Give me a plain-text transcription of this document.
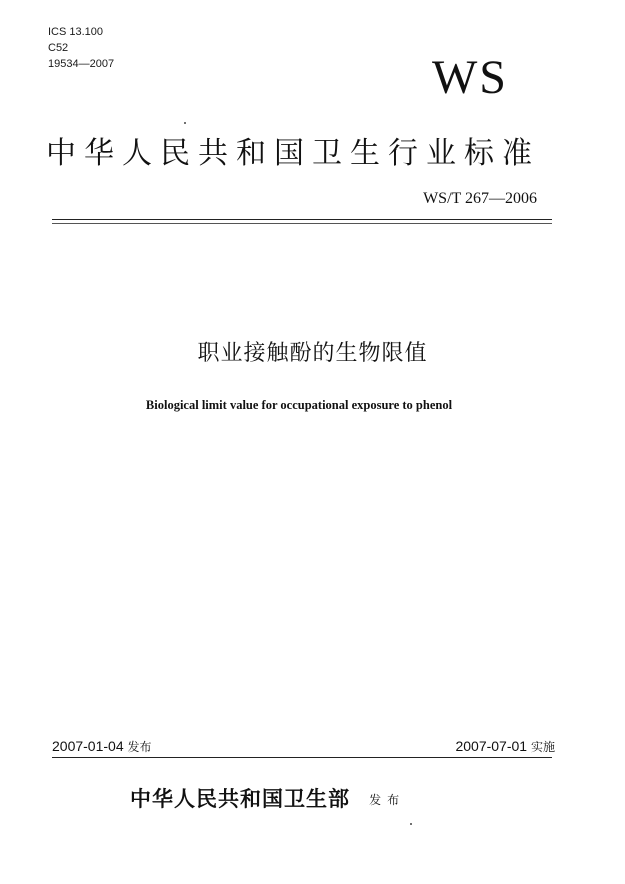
ICS 13.100
C52
19534—2007	WS
中华人民共和国卫生行业标准
WS/T 267—2006
职业接触酚的生物限值
Biological limit value for occupational exposure to phenol
2007-01-04 发布	2007-07-01 实施
中华人民共和国卫生部 发布
